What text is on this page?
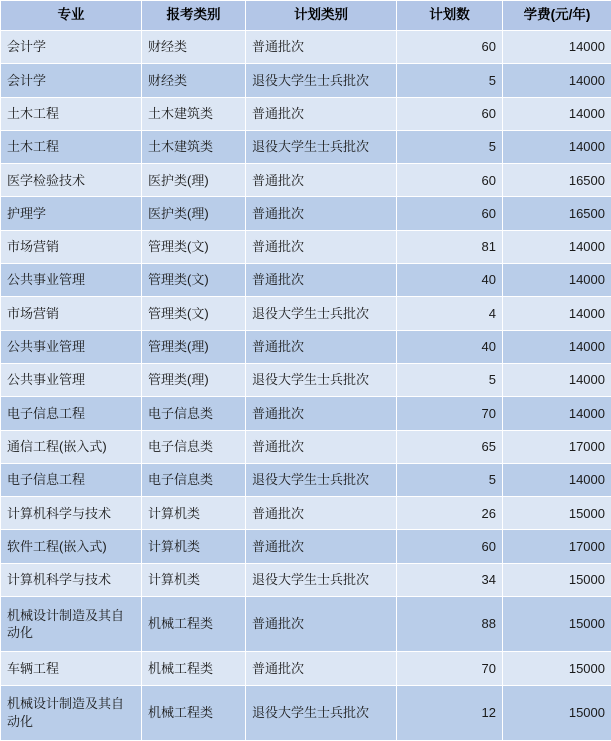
专业	报考类别	计划类别	计划数	学费(元/年)
会计学	财经类	普通批次	60	14000
会计学	财经类	退役大学生士兵批次	5	14000
土木工程	土木建筑类	普通批次	60	14000
土木工程	土木建筑类	退役大学生士兵批次	5	14000
医学检验技术	医护类(理)	普通批次	60	16500
护理学	医护类(理)	普通批次	60	16500
市场营销	管理类(文)	普通批次	81	14000
公共事业管理	管理类(文)	普通批次	40	14000
市场营销	管理类(文)	退役大学生士兵批次	4	14000
公共事业管理	管理类(理)	普通批次	40	14000
公共事业管理	管理类(理)	退役大学生士兵批次	5	14000
电子信息工程	电子信息类	普通批次	70	14000
通信工程(嵌入式)	电子信息类	普通批次	65	17000
电子信息工程	电子信息类	退役大学生士兵批次	5	14000
计算机科学与技术	计算机类	普通批次	26	15000
软件工程(嵌入式)	计算机类	普通批次	60	17000
计算机科学与技术	计算机类	退役大学生士兵批次	34	15000
机械设计制造及其自动化	机械工程类	普通批次	88	15000
车辆工程	机械工程类	普通批次	70	15000
机械设计制造及其自动化	机械工程类	退役大学生士兵批次	12	15000
